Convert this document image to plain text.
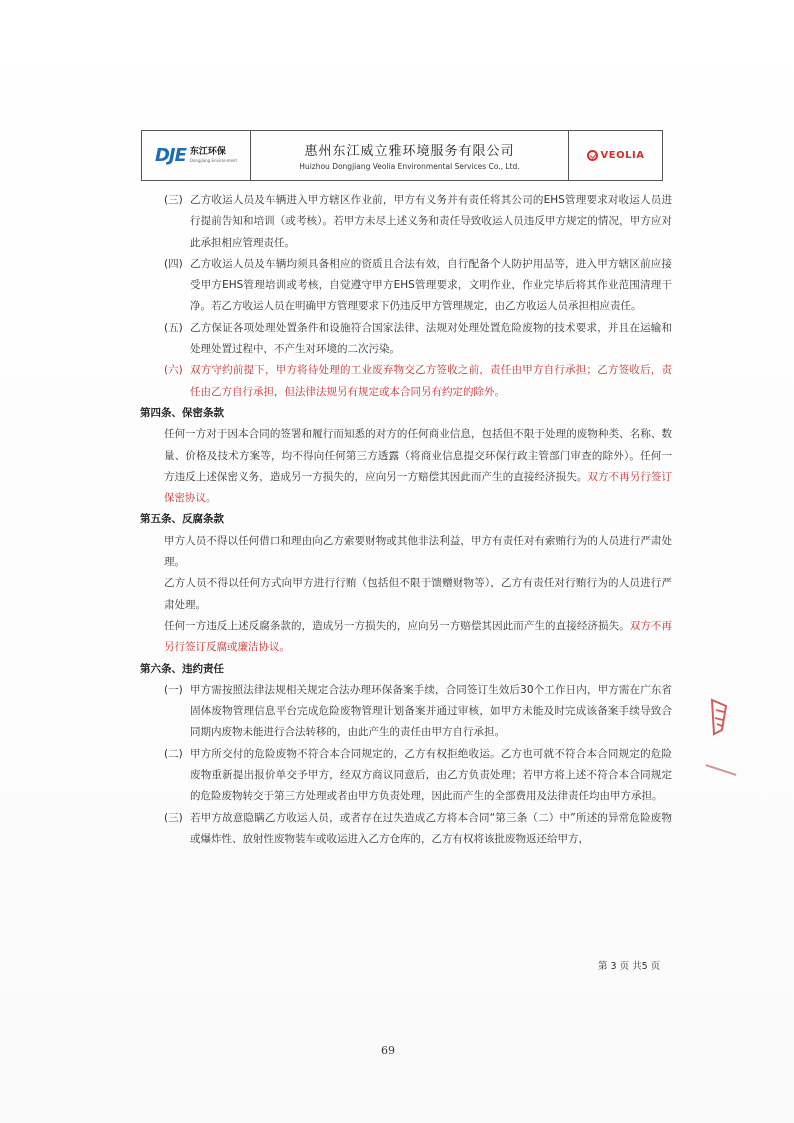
DJE 东江环保
Dongjiang Environment
惠州东江威立雅环境服务有限公司
Huizhou Dongjiang Veolia Environmental Services Co., Ltd.
VEOLIA
(三) 乙方收运人员及车辆进入甲方辖区作业前，甲方有义务并有责任将其公司的EHS管理要求对收运人员进行提前告知和培训（或考核）。若甲方未尽上述义务和责任导致收运人员违反甲方规定的情况，甲方应对此承担相应管理责任。
(四) 乙方收运人员及车辆均须具备相应的资质且合法有效，自行配备个人防护用品等，进入甲方辖区前应接受甲方EHS管理培训或考核，自觉遵守甲方EHS管理要求，文明作业，作业完毕后将其作业范围清理干净。若乙方收运人员在明确甲方管理要求下仍违反甲方管理规定，由乙方收运人员承担相应责任。
(五) 乙方保证各项处理处置条件和设施符合国家法律、法规对处理处置危险废物的技术要求，并且在运输和处理处置过程中，不产生对环境的二次污染。
(六) 双方守约前提下，甲方将待处理的工业废弃物交乙方签收之前，责任由甲方自行承担；乙方签收后，责任由乙方自行承担，但法律法规另有规定或本合同另有约定的除外。

第四条、保密条款

任何一方对于因本合同的签署和履行而知悉的对方的任何商业信息，包括但不限于处理的废物种类、名称、数量、价格及技术方案等，均不得向任何第三方透露（将商业信息提交环保行政主管部门审查的除外）。任何一方违反上述保密义务，造成另一方损失的，应向另一方赔偿其因此而产生的直接经济损失。双方不再另行签订保密协议。

第五条、反腐条款

甲方人员不得以任何借口和理由向乙方索要财物或其他非法利益，甲方有责任对有索贿行为的人员进行严肃处理。

乙方人员不得以任何方式向甲方进行行贿（包括但不限于馈赠财物等），乙方有责任对行贿行为的人员进行严肃处理。

任何一方违反上述反腐条款的，造成另一方损失的，应向另一方赔偿其因此而产生的直接经济损失。双方不再另行签订反腐或廉洁协议。

第六条、违约责任

(一) 甲方需按照法律法规相关规定合法办理环保备案手续，合同签订生效后30个工作日内，甲方需在广东省固体废物管理信息平台完成危险废物管理计划备案并通过审核，如甲方未能及时完成该备案手续导致合同期内废物未能进行合法转移的，由此产生的责任由甲方自行承担。
(二) 甲方所交付的危险废物不符合本合同规定的，乙方有权拒绝收运。乙方也可就不符合本合同规定的危险废物重新提出报价单交予甲方，经双方商议同意后，由乙方负责处理；若甲方将上述不符合本合同规定的危险废物转交于第三方处理或者由甲方负责处理，因此而产生的全部费用及法律责任均由甲方承担。
(三) 若甲方故意隐瞒乙方收运人员，或者存在过失造成乙方将本合同“第三条（二）中”所述的异常危险废物或爆炸性、放射性废物装车或收运进入乙方仓库的，乙方有权将该批废物返还给甲方，
第 3 页 共5 页
69
